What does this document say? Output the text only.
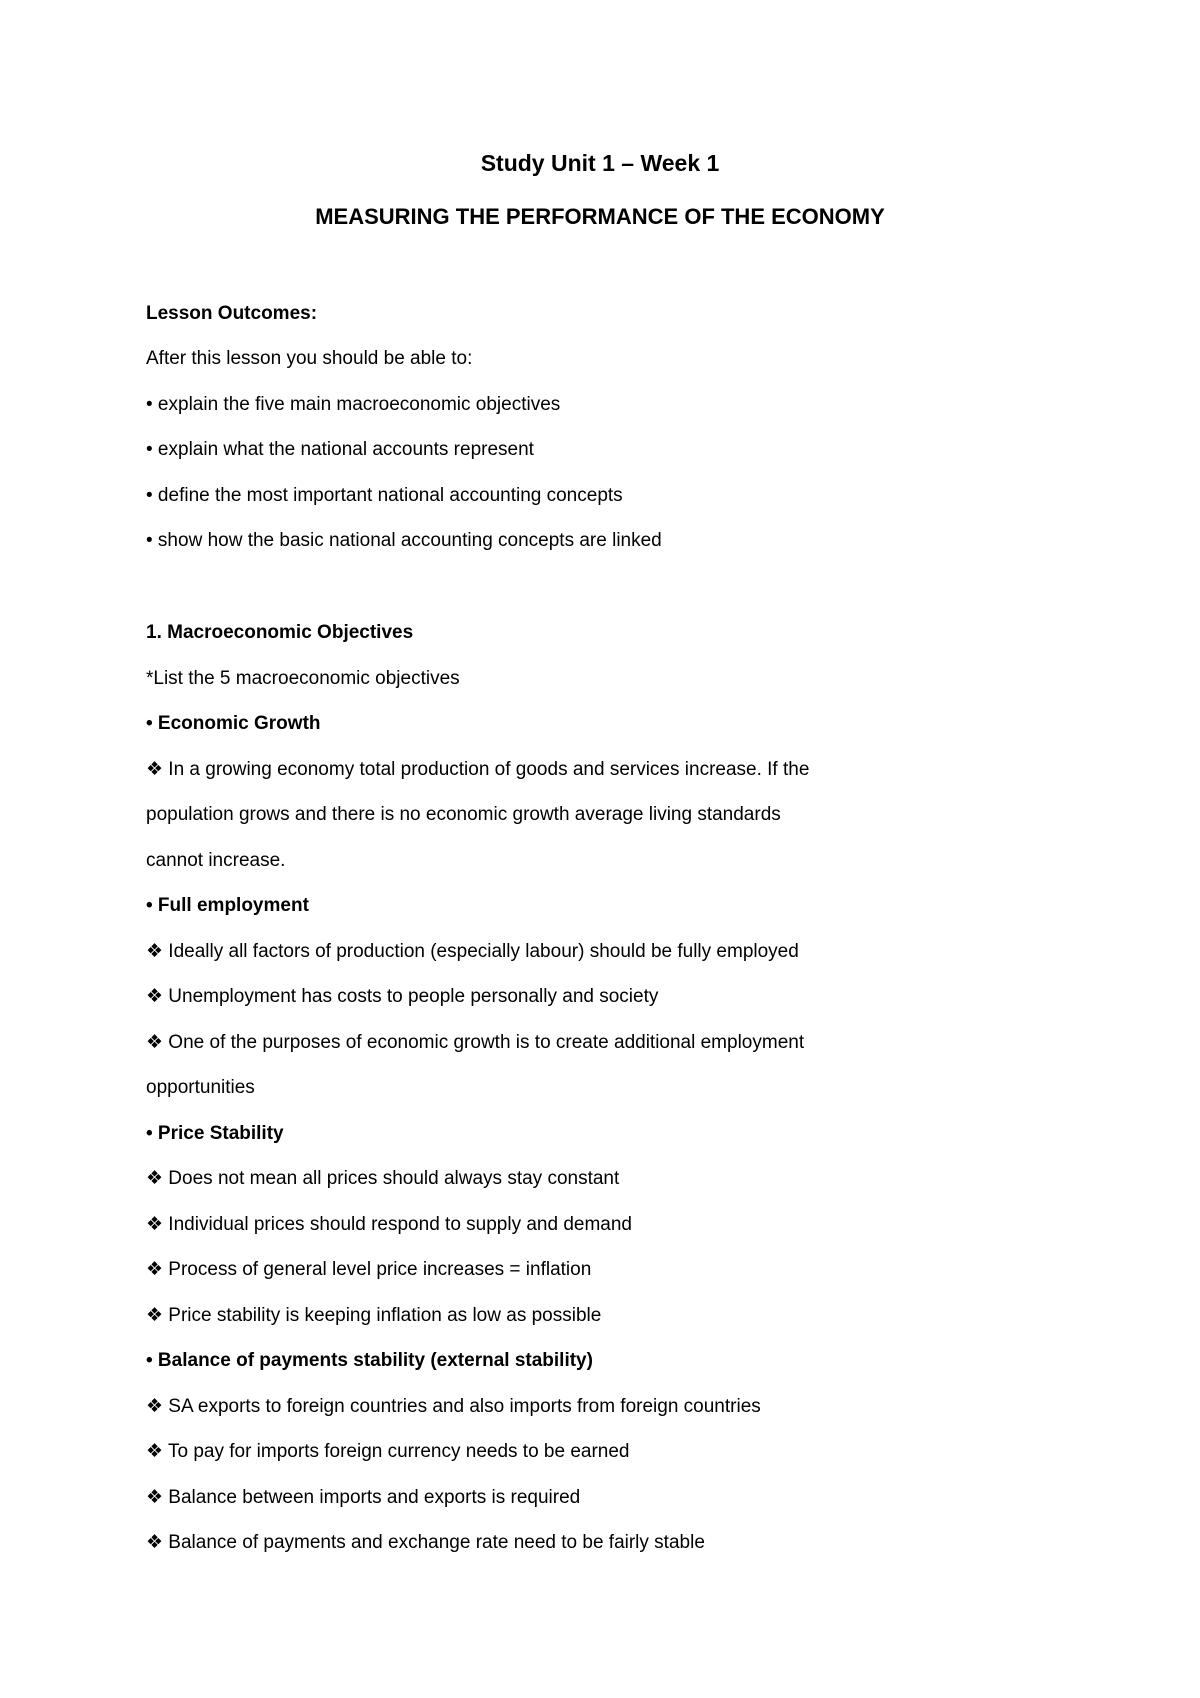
Study Unit 1 – Week 1
MEASURING THE PERFORMANCE OF THE ECONOMY
Lesson Outcomes:
After this lesson you should be able to:
• explain the five main macroeconomic objectives
• explain what the national accounts represent
• define the most important national accounting concepts
• show how the basic national accounting concepts are linked
1. Macroeconomic Objectives
*List the 5 macroeconomic objectives
• Economic Growth
❖ In a growing economy total production of goods and services increase. If the
population grows and there is no economic growth average living standards
cannot increase.
• Full employment
❖ Ideally all factors of production (especially labour) should be fully employed
❖ Unemployment has costs to people personally and society
❖ One of the purposes of economic growth is to create additional employment
opportunities
• Price Stability
❖ Does not mean all prices should always stay constant
❖ Individual prices should respond to supply and demand
❖ Process of general level price increases = inflation
❖ Price stability is keeping inflation as low as possible
• Balance of payments stability (external stability)
❖ SA exports to foreign countries and also imports from foreign countries
❖ To pay for imports foreign currency needs to be earned
❖ Balance between imports and exports is required
❖ Balance of payments and exchange rate need to be fairly stable
